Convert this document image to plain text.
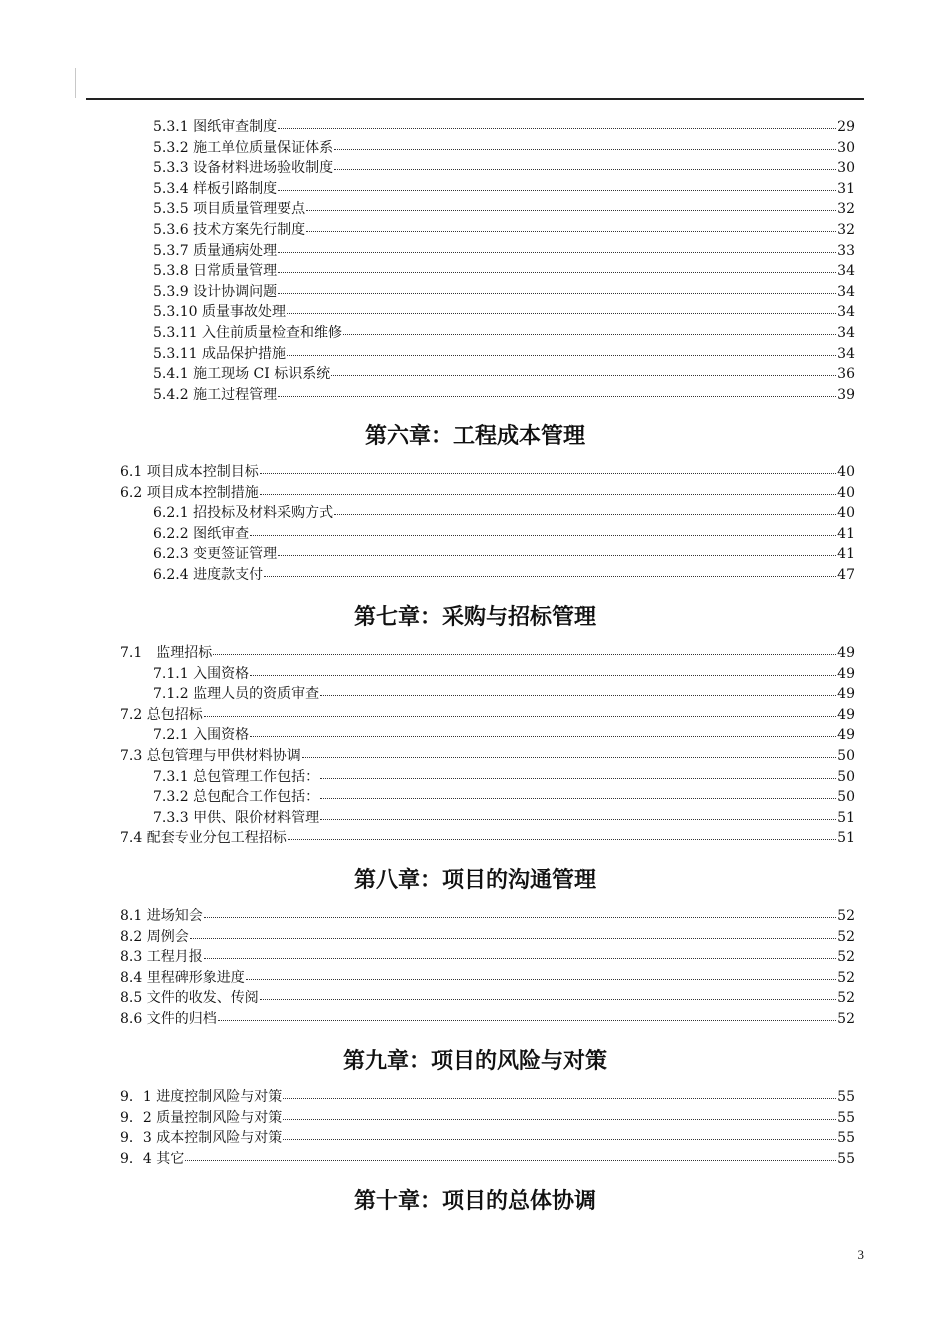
第六章：工程成本管理
第七章：采购与招标管理
第八章：项目的沟通管理
第九章：项目的风险与对策
第十章：项目的总体协调
5.3.1 图纸审查制度	29
5.3.2 施工单位质量保证体系	30
5.3.3 设备材料进场验收制度	30
5.3.4 样板引路制度	31
5.3.5 项目质量管理要点	32
5.3.6 技术方案先行制度	32
5.3.7 质量通病处理	33
5.3.8 日常质量管理	34
5.3.9 设计协调问题	34
5.3.10 质量事故处理	34
5.3.11 入住前质量检查和维修	34
5.3.11 成品保护措施	34
5.4.1 施工现场 CI 标识系统	36
5.4.2 施工过程管理	39
6.1 项目成本控制目标	40
6.2 项目成本控制措施	40
6.2.1 招投标及材料采购方式	40
6.2.2 图纸审查	41
6.2.3 变更签证管理	41
6.2.4 进度款支付	47
7.1　监理招标	49
7.1.1 入围资格	49
7.1.2 监理人员的资质审查	49
7.2 总包招标	49
7.2.1 入围资格	49
7.3 总包管理与甲供材料协调	50
7.3.1 总包管理工作包括：	50
7.3.2 总包配合工作包括：	50
7.3.3 甲供、限价材料管理	51
7.4 配套专业分包工程招标	51
8.1 进场知会	52
8.2 周例会	52
8.3 工程月报	52
8.4 里程碑形象进度	52
8.5 文件的收发、传阅	52
8.6 文件的归档	52
9．1 进度控制风险与对策	55
9．2 质量控制风险与对策	55
9．3 成本控制风险与对策	55
9．4 其它	55
3
